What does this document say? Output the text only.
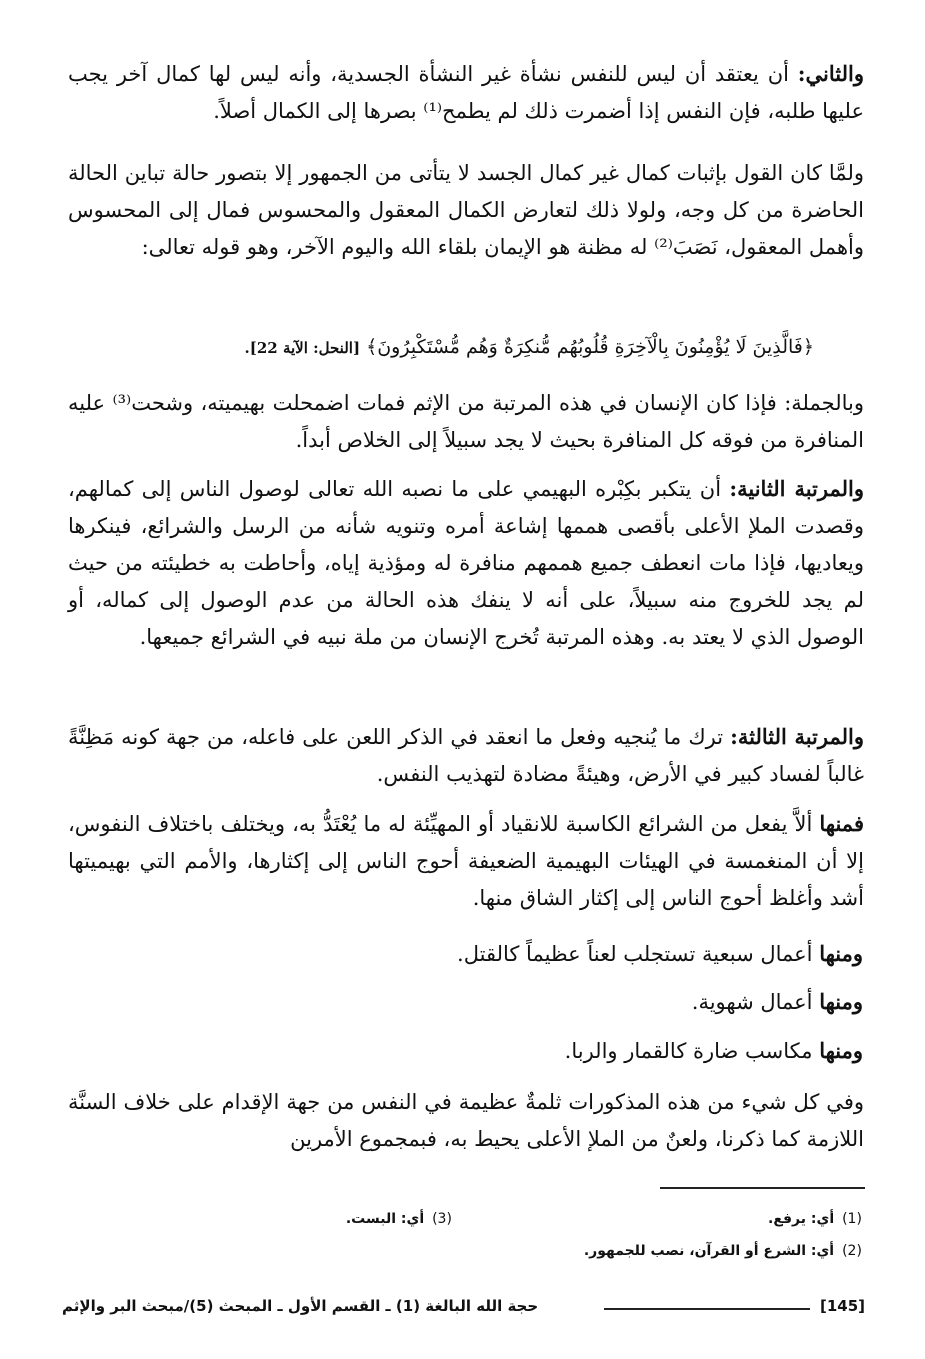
والثاني: أن يعتقد أن ليس للنفس نشأة غير النشأة الجسدية، وأنه ليس لها كمال آخر يجب عليها طلبه، فإن النفس إذا أضمرت ذلك لم يطمح⁽¹⁾ بصرها إلى الكمال أصلاً.

ولمَّا كان القول بإثبات كمال غير كمال الجسد لا يتأتى من الجمهور إلا بتصور حالة تباين الحالة الحاضرة من كل وجه، ولولا ذلك لتعارض الكمال المعقول والمحسوس فمال إلى المحسوس وأهمل المعقول، نَصَبَ⁽²⁾ له مظنة هو الإيمان بلقاء الله واليوم الآخر، وهو قوله تعالى:

﴿فَالَّذِينَ لَا يُؤْمِنُونَ بِالْآخِرَةِ قُلُوبُهُم مُّنكِرَةٌ وَهُم مُّسْتَكْبِرُونَ﴾ [النحل: الآية 22].

وبالجملة: فإذا كان الإنسان في هذه المرتبة من الإثم فمات اضمحلت بهيميته، وشحت⁽³⁾ عليه المنافرة من فوقه كل المنافرة بحيث لا يجد سبيلاً إلى الخلاص أبداً.

والمرتبة الثانية: أن يتكبر بكِبْره البهيمي على ما نصبه الله تعالى لوصول الناس إلى كمالهم، وقصدت الملإ الأعلى بأقصى هممها إشاعة أمره وتنويه شأنه من الرسل والشرائع، فينكرها ويعاديها، فإذا مات انعطف جميع هممهم منافرة له ومؤذية إياه، وأحاطت به خطيئته من حيث لم يجد للخروج منه سبيلاً، على أنه لا ينفك هذه الحالة من عدم الوصول إلى كماله، أو الوصول الذي لا يعتد به. وهذه المرتبة تُخرج الإنسان من ملة نبيه في الشرائع جميعها.

والمرتبة الثالثة: ترك ما يُنجيه وفعل ما انعقد في الذكر اللعن على فاعله، من جهة كونه مَظِنَّةً غالباً لفساد كبير في الأرض، وهيئةً مضادة لتهذيب النفس.

فمنها ألاَّ يفعل من الشرائع الكاسبة للانقياد أو المهيِّئة له ما يُعْتَدُّ به، ويختلف باختلاف النفوس، إلا أن المنغمسة في الهيئات البهيمية الضعيفة أحوج الناس إلى إكثارها، والأمم التي بهيميتها أشد وأغلظ أحوج الناس إلى إكثار الشاق منها.

ومنها أعمال سبعية تستجلب لعناً عظيماً كالقتل.
ومنها أعمال شهوية.
ومنها مكاسب ضارة كالقمار والربا.

وفي كل شيء من هذه المذكورات ثلمةٌ عظيمة في النفس من جهة الإقدام على خلاف السنَّة اللازمة كما ذكرنا، ولعنٌ من الملإ الأعلى يحيط به، فبمجموع الأمرين

(1) أي: يرفع.
(3) أي: البست.
(2) أي: الشرع أو القرآن، نصب للجمهور.
[145]
حجة الله البالغة (1) ـ القسم الأول ـ المبحث (5)/مبحث البر والإثم
